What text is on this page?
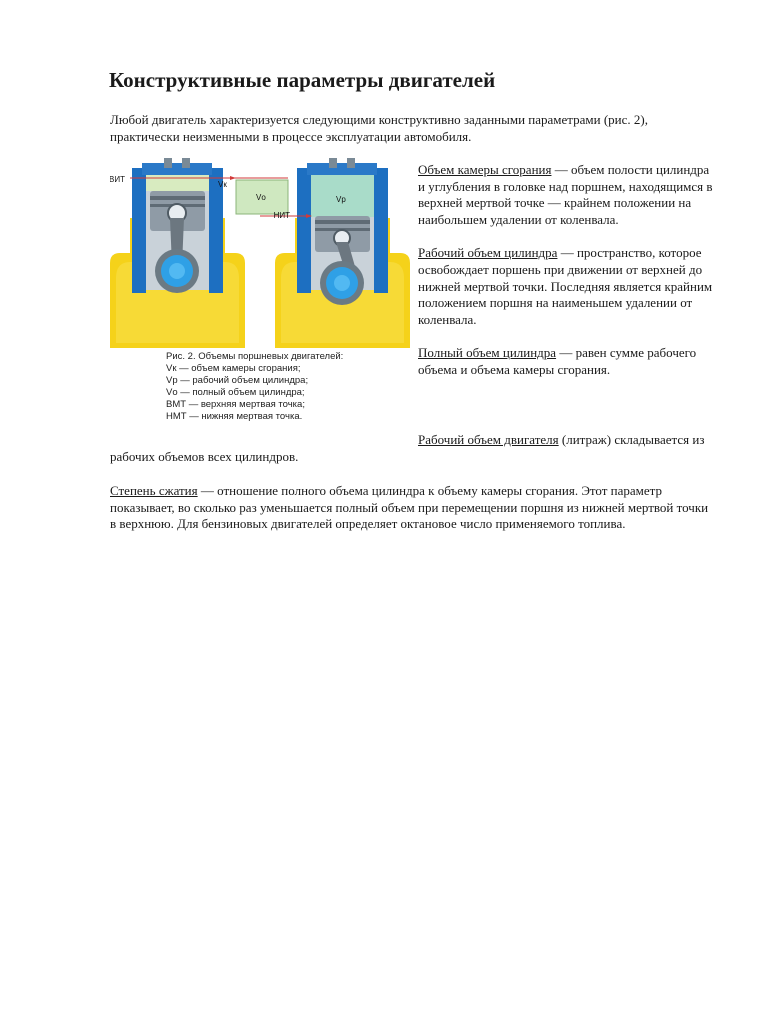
Конструктивные параметры двигателей
Любой двигатель характеризуется следующими конструктивно заданными параметрами (рис. 2), практически неизменными в процессе эксплуатации автомобиля.
ВИТ
НИТ
Vк
Vо	Vр
Рис. 2. Объемы поршневых двигателей:
Vк — объем камеры сгорания;
Vр — рабочий объем цилиндра;
Vо — полный объем цилиндра;
ВМТ — верхняя мертвая точка;
НМТ — нижняя мертвая точка.

Объем камеры сгорания — объем полости цилиндра и углубления в головке над поршнем, находящимся в верхней мертвой точке — крайнем положении на наибольшем удалении от коленвала.

Рабочий объем цилиндра — пространство, которое освобождает поршень при движении от верхней до нижней мертвой точки. Последняя является крайним положением поршня на наименьшем удалении от коленвала.

Полный объем цилиндра — равен сумме рабочего объема и объема камеры сгорания.

Рабочий объем двигателя (литраж) складывается из рабочих объемов всех цилиндров.
Степень сжатия — отношение полного объема цилиндра к объему камеры сгорания. Этот параметр показывает, во сколько раз уменьшается полный объем при перемещении поршня из нижней мертвой точки в верхнюю. Для бензиновых двигателей определяет октановое число применяемого топлива.
